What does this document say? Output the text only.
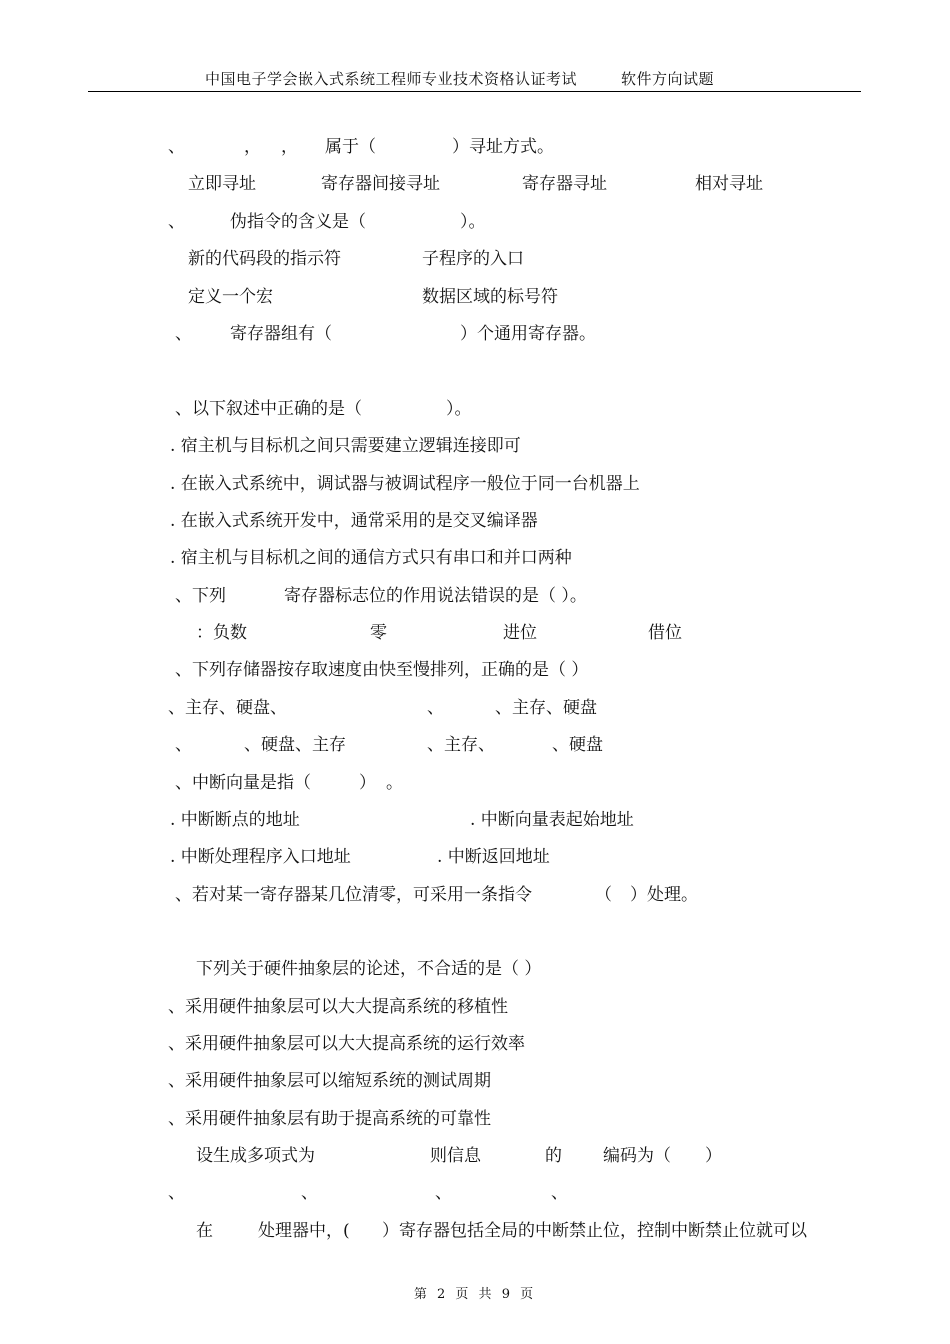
中国电子学会嵌入式系统工程师专业技术资格认证考试	软件方向试题
、	， ， 属于（	）寻址方式。
立即寻址	寄存器间接寻址	寄存器寻址	相对寻址
、	伪指令的含义是（	）。
新的代码段的指示符	子程序的入口
定义一个宏	数据区域的标号符
、 寄存器组有（	）个通用寄存器。
、以下叙述中正确的是（	）。
. 宿主机与目标机之间只需要建立逻辑连接即可
. 在嵌入式系统中，调试器与被调试程序一般位于同一台机器上
. 在嵌入式系统开发中，通常采用的是交叉编译器
. 宿主机与目标机之间的通信方式只有串口和并口两种
、下列	寄存器标志位的作用说法错误的是（ ）。
：负数	零	进位	借位
、下列存储器按存取速度由快至慢排列，正确的是（ ）
、主存、硬盘、	、	、主存、硬盘
、	、硬盘、主存	、主存、	、硬盘
、中断向量是指（	） 。
. 中断断点的地址	. 中断向量表起始地址
. 中断处理程序入口地址	. 中断返回地址
、若对某一寄存器某几位清零，可采用一条指令	（ ）处理。
下列关于硬件抽象层的论述，不合适的是（ ）
、采用硬件抽象层可以大大提高系统的移植性
、采用硬件抽象层可以大大提高系统的运行效率
、采用硬件抽象层可以缩短系统的测试周期
、采用硬件抽象层有助于提高系统的可靠性
设生成多项式为	则信息	的 编码为（ ）
、	、	、	、
在	处理器中，( ）寄存器包括全局的中断禁止位，控制中断禁止位就可以
第 2 页 共 9 页
